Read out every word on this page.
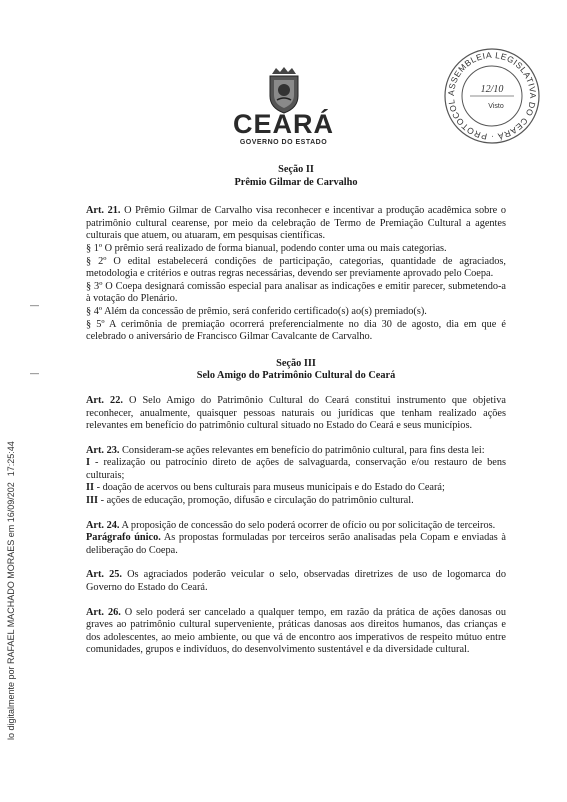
CEARÁ
GOVERNO DO ESTADO
ASSEMBLEIA LEGISLATIVA DO CEARÁ · PROTOCOL
12/10
Visto
lo digitalmente por RAFAEL MACHADO MORAES em 16/09/20217:25:44
—
—
Seção II
Prêmio Gilmar de Carvalho

Art. 21. O Prêmio Gilmar de Carvalho visa reconhecer e incentivar a produção acadêmica sobre o patrimônio cultural cearense, por meio da celebração de Termo de Premiação Cultural a agentes culturais que atuem, ou atuaram, em pesquisas científicas.

§ 1º O prêmio será realizado de forma bianual, podendo conter uma ou mais categorias.

§ 2º O edital estabelecerá condições de participação, categorias, quantidade de agraciados, metodologia e critérios e outras regras necessárias, devendo ser previamente aprovado pelo Coepa.

§ 3º O Coepa designará comissão especial para analisar as indicações e emitir parecer, submetendo-a à votação do Plenário.

§ 4º Além da concessão de prêmio, será conferido certificado(s) ao(s) premiado(s).

§ 5º A cerimônia de premiação ocorrerá preferencialmente no dia 30 de agosto, dia em que é celebrado o aniversário de Francisco Gilmar Cavalcante de Carvalho.

Seção III
Selo Amigo do Patrimônio Cultural do Ceará

Art. 22. O Selo Amigo do Patrimônio Cultural do Ceará constitui instrumento que objetiva reconhecer, anualmente, quaisquer pessoas naturais ou jurídicas que tenham realizado ações relevantes em benefício do patrimônio cultural situado no Estado do Ceará e seus municípios.

Art. 23. Consideram-se ações relevantes em benefício do patrimônio cultural, para fins desta lei:

I - realização ou patrocínio direto de ações de salvaguarda, conservação e/ou restauro de bens culturais;

II - doação de acervos ou bens culturais para museus municipais e do Estado do Ceará;

III - ações de educação, promoção, difusão e circulação do patrimônio cultural.

Art. 24. A proposição de concessão do selo poderá ocorrer de ofício ou por solicitação de terceiros.

Parágrafo único. As propostas formuladas por terceiros serão analisadas pela Copam e enviadas à deliberação do Coepa.

Art. 25. Os agraciados poderão veicular o selo, observadas diretrizes de uso de logomarca do Governo do Estado do Ceará.

Art. 26. O selo poderá ser cancelado a qualquer tempo, em razão da prática de ações danosas ou graves ao patrimônio cultural superveniente, práticas danosas aos direitos humanos, das crianças e dos adolescentes, ao meio ambiente, ou que vá de encontro aos imperativos de respeito mútuo entre comunidades, grupos e indivíduos, do desenvolvimento sustentável e da diversidade cultural.
